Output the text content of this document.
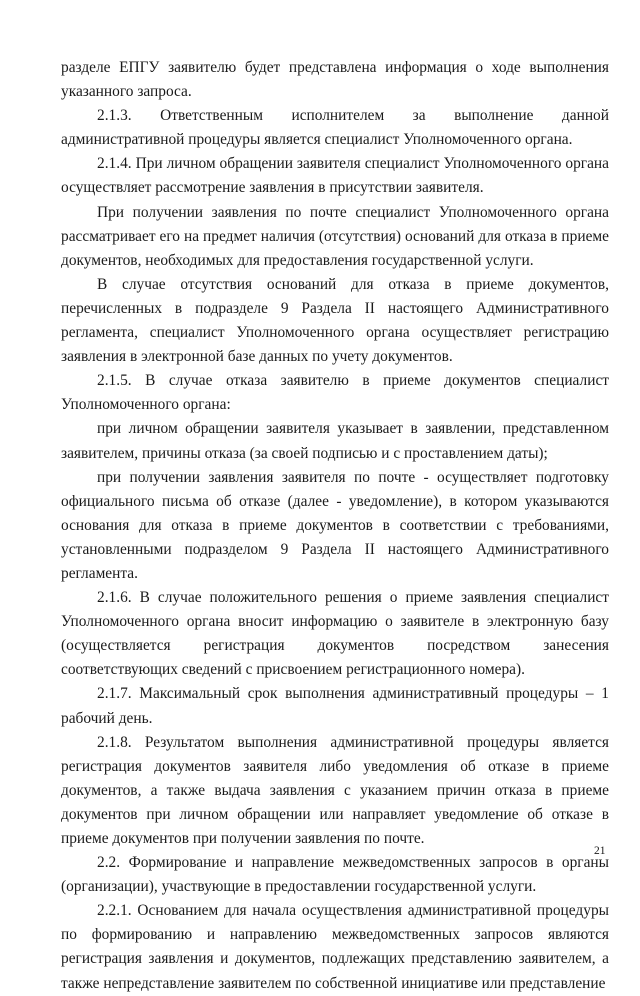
разделе ЕПГУ заявителю будет представлена информация о ходе выполнения указанного запроса.

2.1.3. Ответственным исполнителем за выполнение данной административной процедуры является специалист Уполномоченного органа.

2.1.4. При личном обращении заявителя специалист Уполномоченного органа осуществляет рассмотрение заявления в присутствии заявителя.

При получении заявления по почте специалист Уполномоченного органа рассматривает его на предмет наличия (отсутствия) оснований для отказа в приеме документов, необходимых для предоставления государственной услуги.

В случае отсутствия оснований для отказа в приеме документов, перечисленных в подразделе 9 Раздела II настоящего Административного регламента, специалист Уполномоченного органа осуществляет регистрацию заявления в электронной базе данных по учету документов.

2.1.5. В случае отказа заявителю в приеме документов специалист Уполномоченного органа:

при личном обращении заявителя указывает в заявлении, представленном заявителем, причины отказа (за своей подписью и с проставлением даты);

при получении заявления заявителя по почте - осуществляет подготовку официального письма об отказе (далее - уведомление), в котором указываются основания для отказа в приеме документов в соответствии с требованиями, установленными подразделом 9 Раздела II настоящего Административного регламента.

2.1.6. В случае положительного решения о приеме заявления специалист Уполномоченного органа вносит информацию о заявителе в электронную базу (осуществляется регистрация документов посредством занесения соответствующих сведений с присвоением регистрационного номера).

2.1.7. Максимальный срок выполнения административный процедуры – 1 рабочий день.

2.1.8. Результатом выполнения административной процедуры является регистрация документов заявителя либо уведомления об отказе в приеме документов, а также выдача заявления с указанием причин отказа в приеме документов при личном обращении или направляет уведомление об отказе в приеме документов при получении заявления по почте.

2.2. Формирование и направление межведомственных запросов в органы (организации), участвующие в предоставлении государственной услуги.

2.2.1. Основанием для начала осуществления административной процедуры по формированию и направлению межведомственных запросов являются регистрация заявления и документов, подлежащих представлению заявителем, а также непредставление заявителем по собственной инициативе или представление

21
